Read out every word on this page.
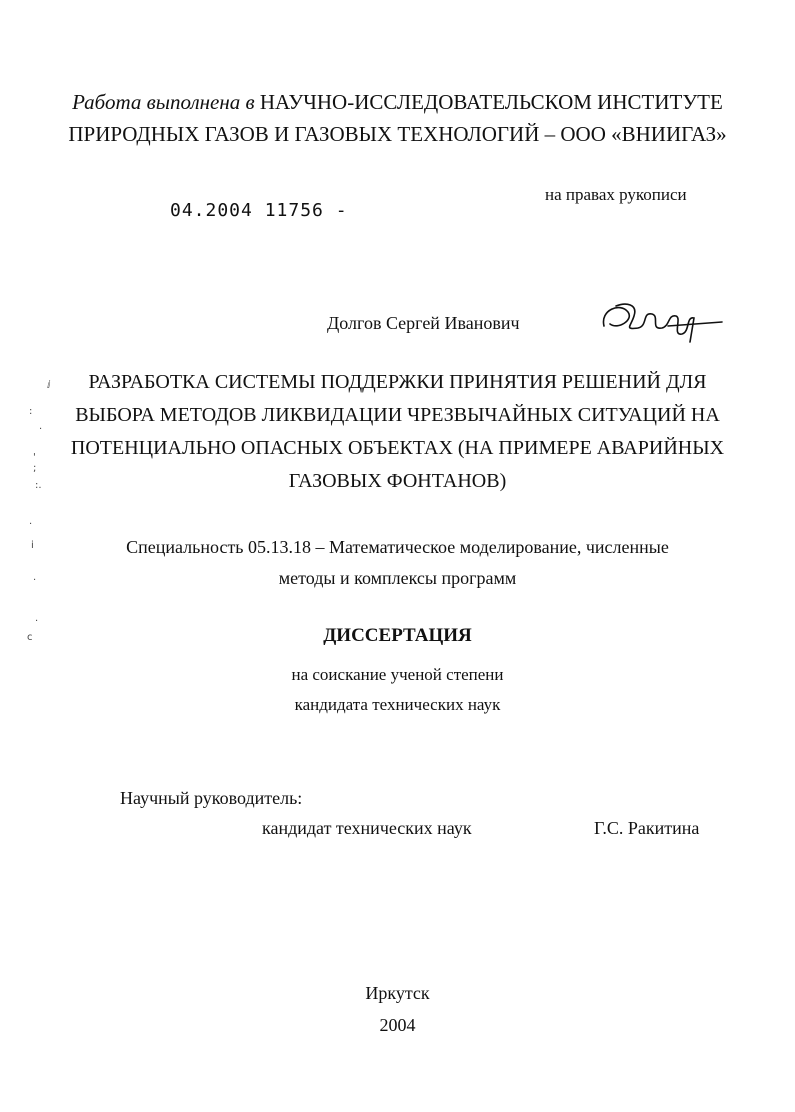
Работа выполнена в НАУЧНО-ИССЛЕДОВАТЕЛЬСКОМ ИНСТИТУТЕ
ПРИРОДНЫХ ГАЗОВ И ГАЗОВЫХ ТЕХНОЛОГИЙ – ООО «ВНИИГАЗ»
04.2004 11756 -
на правах рукописи
Долгов Сергей Иванович
ⅈ
:
·
' ;
:.
.
ⅰ
.
·
ⅽ
РАЗРАБОТКА СИСТЕМЫ ПОДДЕРЖКИ ПРИНЯТИЯ РЕШЕНИЙ ДЛЯ
ВЫБОРА МЕТОДОВ ЛИКВИДАЦИИ ЧРЕЗВЫЧАЙНЫХ СИТУАЦИЙ НА
ПОТЕНЦИАЛЬНО ОПАСНЫХ ОБЪЕКТАХ (НА ПРИМЕРЕ АВАРИЙНЫХ
ГАЗОВЫХ ФОНТАНОВ)
Специальность 05.13.18 – Математическое моделирование, численные
методы и комплексы программ
ДИССЕРТАЦИЯ
на соискание ученой степени
кандидата технических наук
Научный руководитель:
кандидат технических наук	Г.С. Ракитина
Иркутск
2004
